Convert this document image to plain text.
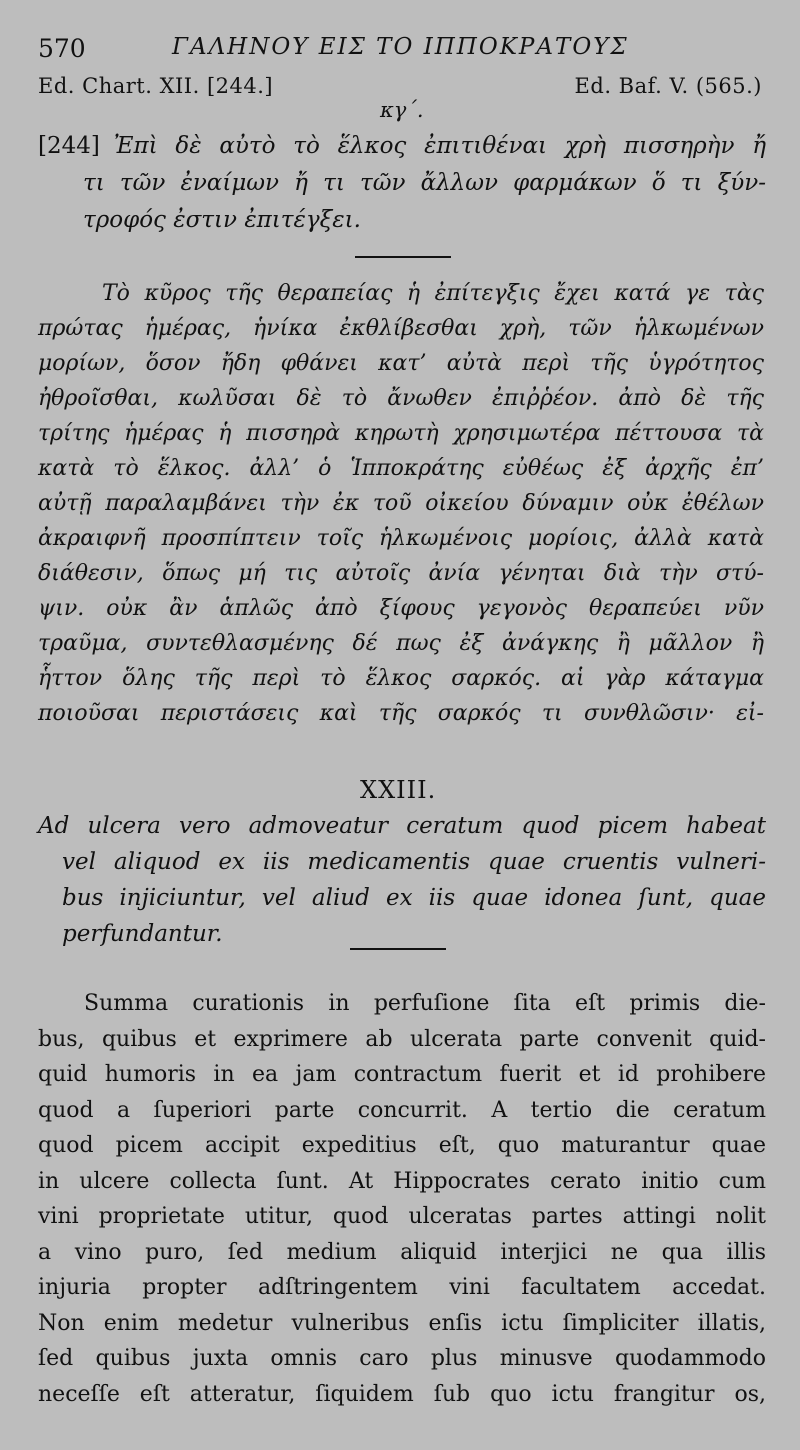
570	ΓΑΛΗΝΟΥ ΕΙΣ ΤΟ ΙΠΠΟΚΡΑΤΟΥΣ
Ed. Chart. XII. [244.]	Ed. Baf. V. (565.)
κγ΄.
[244] Ἐπὶ δὲ αὐτὸ τὸ ἕλκος ἐπιτιθέναι χρὴ πισσηρὴν ἤ
τι τῶν ἐναίμων ἤ τι τῶν ἄλλων φαρμάκων ὅ τι ξύν-
τροφός ἐστιν ἐπιτέγξει.
Τὸ κῦρος τῆς θεραπείας ἡ ἐπίτεγξις ἔχει κατά γε τὰς
πρώτας ἡμέρας, ἡνίκα ἐκθλίβεσθαι χρὴ, τῶν ἡλκωμένων
μορίων, ὅσον ἤδη φθάνει κατ’ αὐτὰ περὶ τῆς ὑγρότητος
ἠθροῖσθαι, κωλῦσαι δὲ τὸ ἄνωθεν ἐπιῤῥέον. ἀπὸ δὲ τῆς
τρίτης ἡμέρας ἡ πισσηρὰ κηρωτὴ χρησιμωτέρα πέττουσα τὰ
κατὰ τὸ ἕλκος. ἀλλ’ ὁ Ἱπποκράτης εὐθέως ἐξ ἀρχῆς ἐπ’
αὐτῇ παραλαμβάνει τὴν ἐκ τοῦ οἰκείου δύναμιν οὐκ ἐθέλων
ἀκραιφνῆ προσπίπτειν τοῖς ἡλκωμένοις μορίοις, ἀλλὰ κατὰ
διάθεσιν, ὅπως μή τις αὐτοῖς ἀνία γένηται διὰ τὴν στύ-
ψιν. οὐκ ἂν ἁπλῶς ἀπὸ ξίφους γεγονὸς θεραπεύει νῦν
τραῦμα, συντεθλασμένης δέ πως ἐξ ἀνάγκης ἢ μᾶλλον ἢ
ἧττον ὅλης τῆς περὶ τὸ ἕλκος σαρκός. αἱ γὰρ κάταγμα
ποιοῦσαι περιστάσεις καὶ τῆς σαρκός τι συνθλῶσιν· εἰ-
XXIII.
Ad ulcera vero admoveatur ceratum quod picem habeat
vel aliquod ex iis medicamentis quae cruentis vulneri-
bus injiciuntur, vel aliud ex iis quae idonea ſunt, quae
perfundantur.
Summa curationis in perfuſione ſita eſt primis die-
bus, quibus et exprimere ab ulcerata parte convenit quid-
quid humoris in ea jam contractum fuerit et id prohibere
quod a ſuperiori parte concurrit. A tertio die ceratum
quod picem accipit expeditius eſt, quo maturantur quae
in ulcere collecta ſunt. At Hippocrates cerato initio cum
vini proprietate utitur, quod ulceratas partes attingi nolit
a vino puro, ſed medium aliquid interjici ne qua illis
injuria propter adſtringentem vini facultatem accedat.
Non enim medetur vulneribus enſis ictu ſimpliciter illatis,
ſed quibus juxta omnis caro plus minusve quodammodo
neceſſe eſt atteratur, ſiquidem ſub quo ictu frangitur os,
